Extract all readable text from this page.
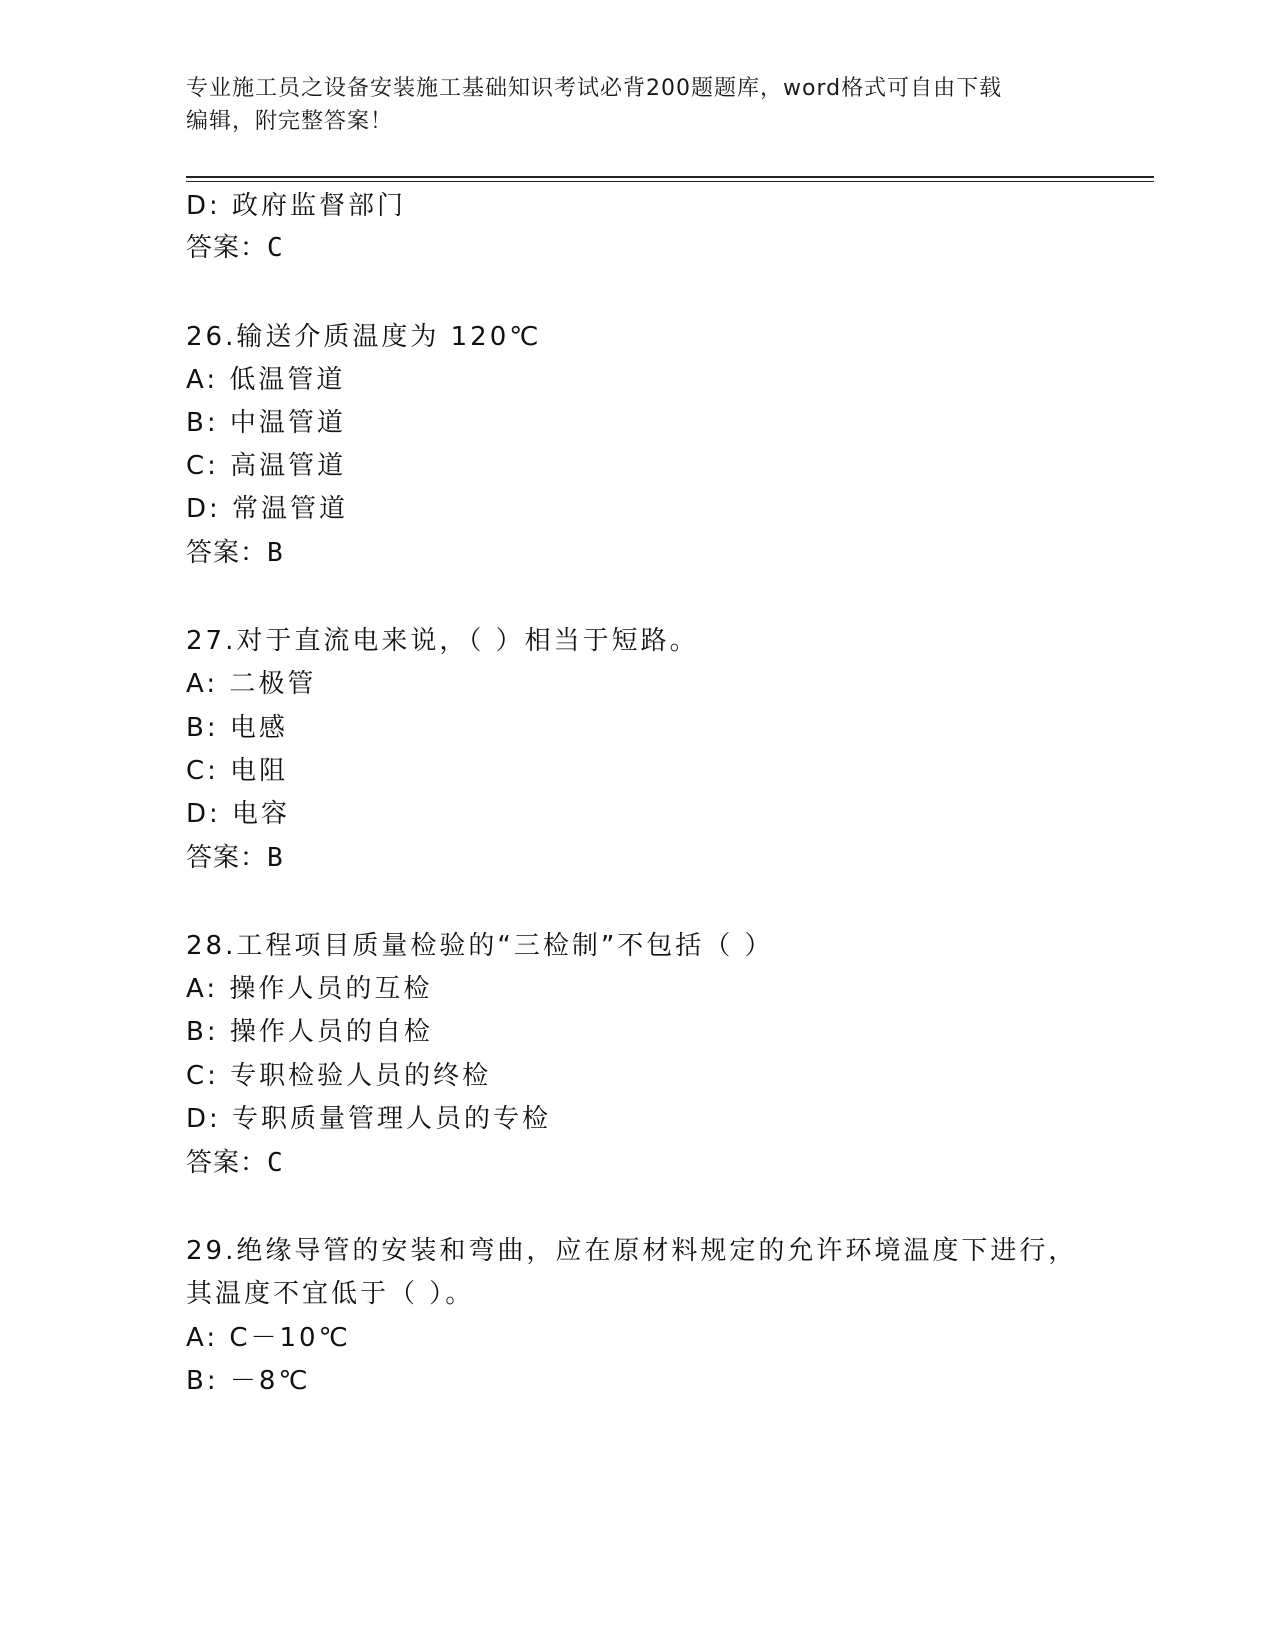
专业施工员之设备安装施工基础知识考试必背200题题库，word格式可自由下载
编辑，附完整答案！
D: 政府监督部门
答案：C
26.输送介质温度为 120℃
A: 低温管道
B: 中温管道
C: 高温管道
D: 常温管道
答案：B
27.对于直流电来说，（ ）相当于短路。
A: 二极管
B: 电感
C: 电阻
D: 电容
答案：B
28.工程项目质量检验的“三检制”不包括（ ）
A: 操作人员的互检
B: 操作人员的自检
C: 专职检验人员的终检
D: 专职质量管理人员的专检
答案：C
29.绝缘导管的安装和弯曲，应在原材料规定的允许环境温度下进行，
其温度不宜低于（ ）。
A: C－10℃
B: －8℃
